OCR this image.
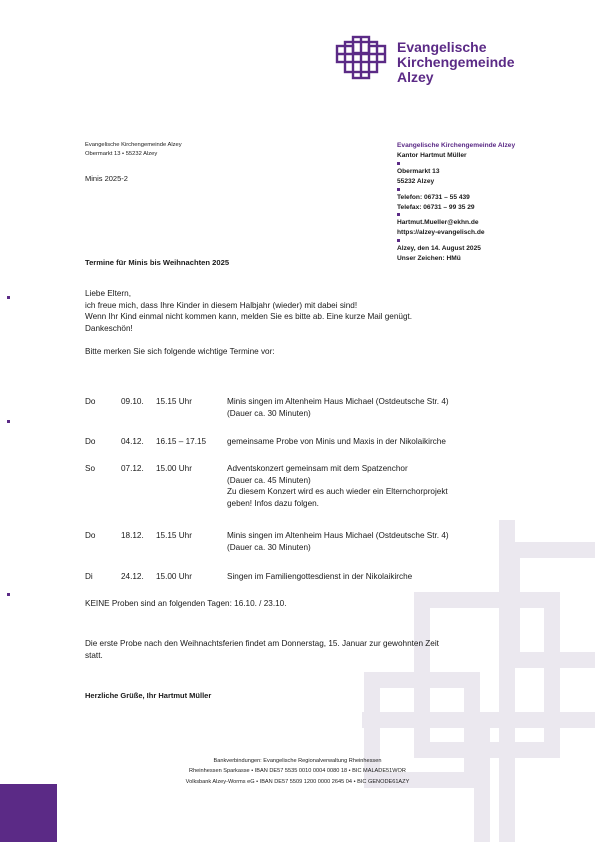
Evangelische
Kirchengemeinde
Alzey
Evangelische Kirchengemeinde Alzey
Obermarkt 13 • 55232 Alzey
Minis 2025-2
Evangelische Kirchengemeinde Alzey
Kantor Hartmut Müller
Obermarkt 13
55232 Alzey
Telefon: 06731 – 55 439
Telefax: 06731 – 99 35 29
Hartmut.Mueller@ekhn.de
https://alzey-evangelisch.de
Alzey, den 14. August 2025
Unser Zeichen: HMü
Termine für Minis bis Weihnachten 2025
Liebe Eltern,
ich freue mich, dass Ihre Kinder in diesem Halbjahr (wieder) mit dabei sind!
Wenn Ihr Kind einmal nicht kommen kann, melden Sie es bitte ab. Eine kurze Mail genügt.
Dankeschön!
Bitte merken Sie sich folgende wichtige Termine vor:
Do	09.10. 15.15 Uhr	Minis singen im Altenheim Haus Michael (Ostdeutsche Str. 4)
(Dauer ca. 30 Minuten)
Do	04.12. 16.15 – 17.15	gemeinsame Probe von Minis und Maxis in der Nikolaikirche
So	07.12. 15.00 Uhr	Adventskonzert gemeinsam mit dem Spatzenchor
(Dauer ca. 45 Minuten)
Zu diesem Konzert wird es auch wieder ein Elternchorprojekt
geben! Infos dazu folgen.
Do	18.12. 15.15 Uhr	Minis singen im Altenheim Haus Michael (Ostdeutsche Str. 4)
(Dauer ca. 30 Minuten)
Di	24.12. 15.00 Uhr	Singen im Familiengottesdienst in der Nikolaikirche
KEINE Proben sind an folgenden Tagen: 16.10. / 23.10.
Die erste Probe nach den Weihnachtsferien findet am Donnerstag, 15. Januar zur gewohnten Zeit
statt.
Herzliche Grüße, Ihr Hartmut Müller
Bankverbindungen: Evangelische Regionalverwaltung Rheinhessen
Rheinhessen Sparkasse • IBAN DE57 5535 0010 0004 0080 18 • BIC MALADE51WOR
Volksbank Alzey-Worms eG • IBAN DE57 5509 1200 0000 2645 04 • BIC GENODE61AZY
